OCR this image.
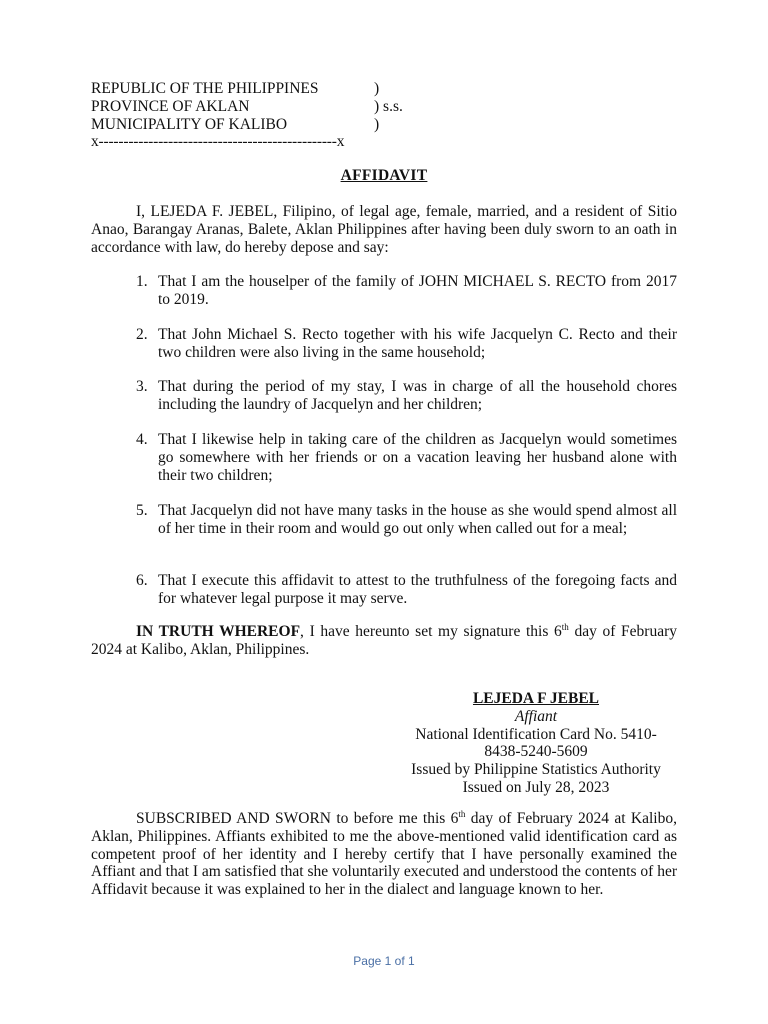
REPUBLIC OF THE PHILIPPINES	)
PROVINCE OF AKLAN	) s.s.
MUNICIPALITY OF KALIBO	)
x------------------------------------------------x
AFFIDAVIT
I, LEJEDA F. JEBEL, Filipino, of legal age, female, married, and a resident of Sitio Anao, Barangay Aranas, Balete, Aklan Philippines after having been duly sworn to an oath in accordance with law, do hereby depose and say:
1. That I am the houselper of the family of JOHN MICHAEL S. RECTO from 2017 to 2019.
2. That John Michael S. Recto together with his wife Jacquelyn C. Recto and their two children were also living in the same household;
3. That during the period of my stay, I was in charge of all the household chores including the laundry of Jacquelyn and her children;
4. That I likewise help in taking care of the children as Jacquelyn would sometimes go somewhere with her friends or on a vacation leaving her husband alone with their two children;
5. That Jacquelyn did not have many tasks in the house as she would spend almost all of her time in their room and would go out only when called out for a meal;
6. That I execute this affidavit to attest to the truthfulness of the foregoing facts and for whatever legal purpose it may serve.
IN TRUTH WHEREOF, I have hereunto set my signature this 6th day of February 2024 at Kalibo, Aklan, Philippines.
LEJEDA F JEBEL
Affiant
National Identification Card No. 5410-
8438-5240-5609
Issued by Philippine Statistics Authority
Issued on July 28, 2023
SUBSCRIBED AND SWORN to before me this 6th day of February 2024 at Kalibo, Aklan, Philippines. Affiants exhibited to me the above-mentioned valid identification card as competent proof of her identity and I hereby certify that I have personally examined the Affiant and that I am satisfied that she voluntarily executed and understood the contents of her Affidavit because it was explained to her in the dialect and language known to her.
Page 1 of 1
